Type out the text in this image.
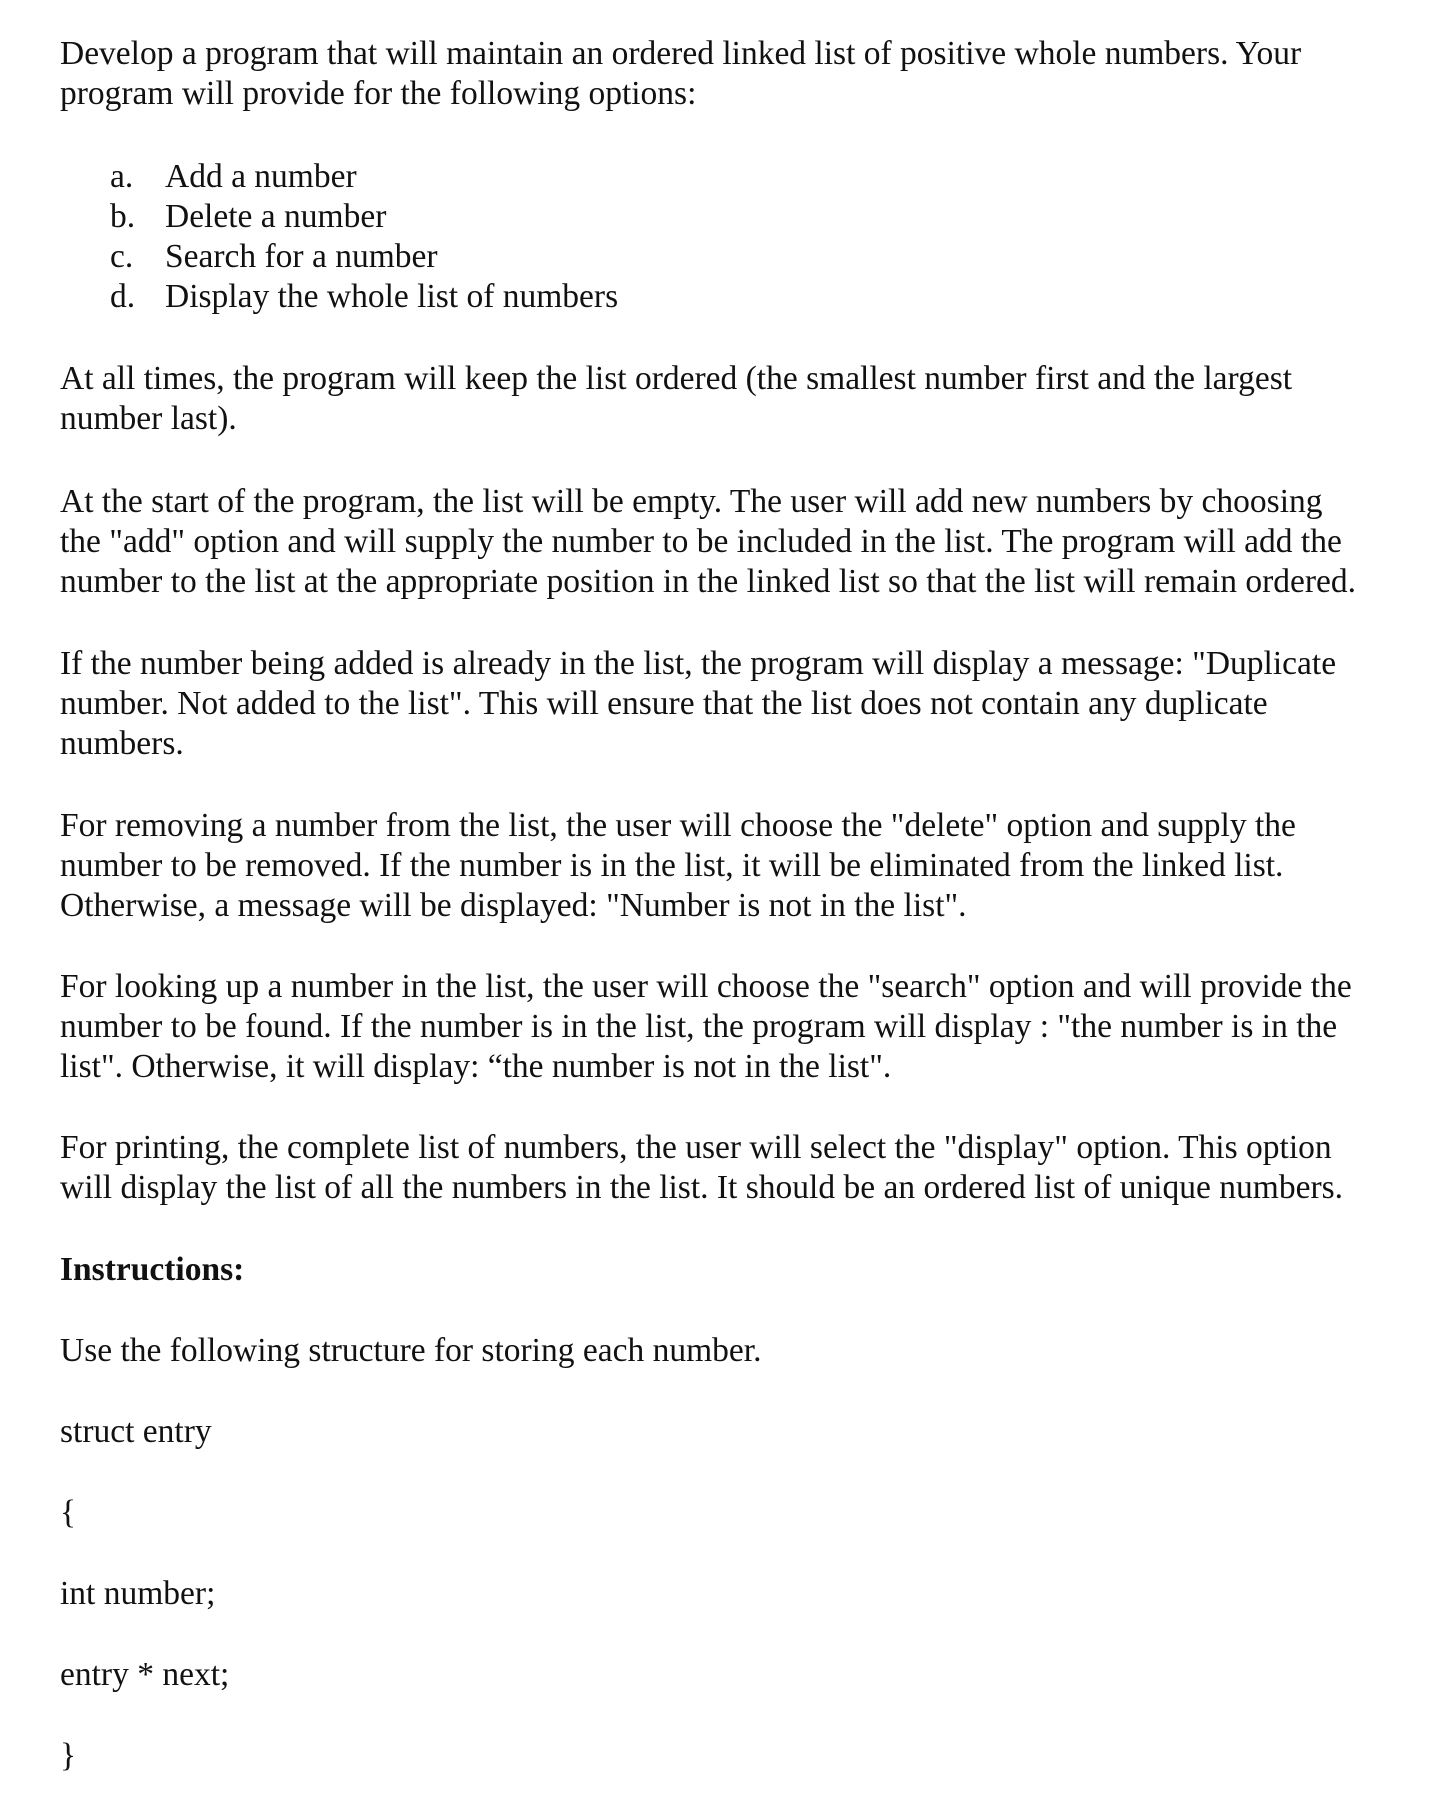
Develop a program that will maintain an ordered linked list of positive whole numbers. Your
program will provide for the following options:

a. Add a number
b. Delete a number
c. Search for a number
d. Display the whole list of numbers

At all times, the program will keep the list ordered (the smallest number first and the largest
number last).

At the start of the program, the list will be empty. The user will add new numbers by choosing
the "add" option and will supply the number to be included in the list. The program will add the
number to the list at the appropriate position in the linked list so that the list will remain ordered.

If the number being added is already in the list, the program will display a message: "Duplicate
number. Not added to the list". This will ensure that the list does not contain any duplicate
numbers.

For removing a number from the list, the user will choose the "delete" option and supply the
number to be removed. If the number is in the list, it will be eliminated from the linked list.
Otherwise, a message will be displayed: "Number is not in the list".

For looking up a number in the list, the user will choose the "search" option and will provide the
number to be found. If the number is in the list, the program will display : "the number is in the
list". Otherwise, it will display: “the number is not in the list".

For printing, the complete list of numbers, the user will select the "display" option. This option
will display the list of all the numbers in the list. It should be an ordered list of unique numbers.

Instructions:

Use the following structure for storing each number.

struct entry

{

int number;

entry * next;

}
